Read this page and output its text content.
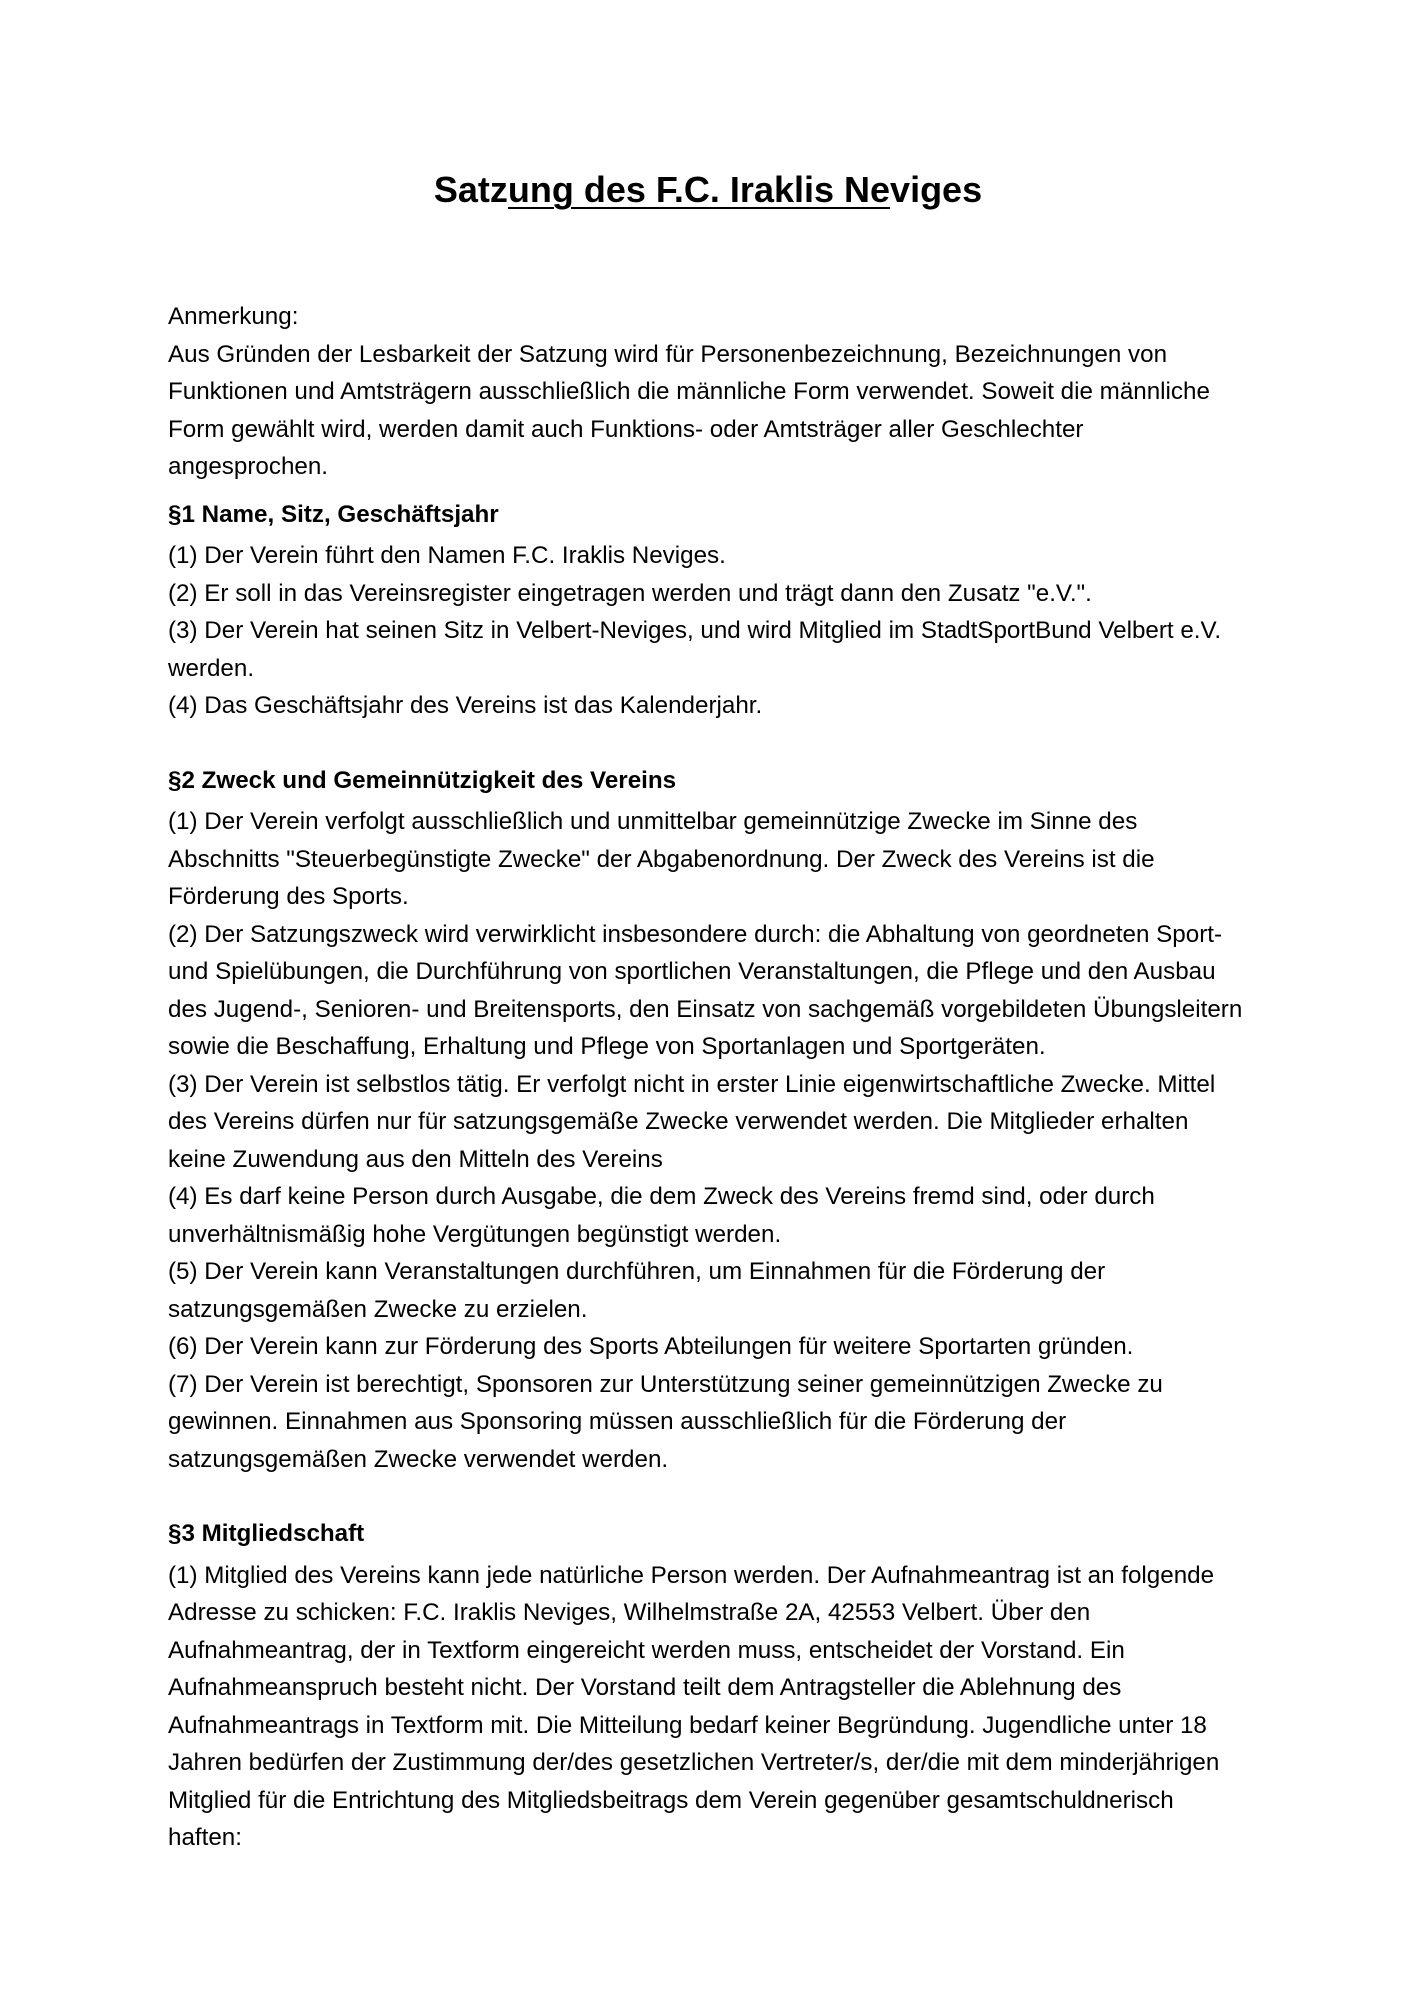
Satzung des F.C. Iraklis Neviges

Anmerkung:

Aus Gründen der Lesbarkeit der Satzung wird für Personenbezeichnung, Bezeichnungen von Funktionen und Amtsträgern ausschließlich die männliche Form verwendet. Soweit die männliche Form gewählt wird, werden damit auch Funktions- oder Amtsträger aller Geschlechter angesprochen.

§1 Name, Sitz, Geschäftsjahr

(1) Der Verein führt den Namen F.C. Iraklis Neviges.

(2) Er soll in das Vereinsregister eingetragen werden und trägt dann den Zusatz "e.V.".

(3) Der Verein hat seinen Sitz in Velbert-Neviges, und wird Mitglied im StadtSportBund Velbert e.V. werden.

(4) Das Geschäftsjahr des Vereins ist das Kalenderjahr.

§2 Zweck und Gemeinnützigkeit des Vereins

(1) Der Verein verfolgt ausschließlich und unmittelbar gemeinnützige Zwecke im Sinne des Abschnitts "Steuerbegünstigte Zwecke" der Abgabenordnung. Der Zweck des Vereins ist die Förderung des Sports.

(2) Der Satzungszweck wird verwirklicht insbesondere durch: die Abhaltung von geordneten Sport- und Spielübungen, die Durchführung von sportlichen Veranstaltungen, die Pflege und den Ausbau des Jugend-, Senioren- und Breitensports, den Einsatz von sachgemäß vorgebildeten Übungsleitern sowie die Beschaffung, Erhaltung und Pflege von Sportanlagen und Sportgeräten.

(3) Der Verein ist selbstlos tätig. Er verfolgt nicht in erster Linie eigenwirtschaftliche Zwecke. Mittel des Vereins dürfen nur für satzungsgemäße Zwecke verwendet werden. Die Mitglieder erhalten keine Zuwendung aus den Mitteln des Vereins

(4) Es darf keine Person durch Ausgabe, die dem Zweck des Vereins fremd sind, oder durch unverhältnismäßig hohe Vergütungen begünstigt werden.

(5) Der Verein kann Veranstaltungen durchführen, um Einnahmen für die Förderung der satzungsgemäßen Zwecke zu erzielen.

(6) Der Verein kann zur Förderung des Sports Abteilungen für weitere Sportarten gründen.

(7) Der Verein ist berechtigt, Sponsoren zur Unterstützung seiner gemeinnützigen Zwecke zu gewinnen. Einnahmen aus Sponsoring müssen ausschließlich für die Förderung der satzungsgemäßen Zwecke verwendet werden.

§3 Mitgliedschaft

(1) Mitglied des Vereins kann jede natürliche Person werden. Der Aufnahmeantrag ist an folgende Adresse zu schicken: F.C. Iraklis Neviges, Wilhelmstraße 2A, 42553 Velbert. Über den Aufnahmeantrag, der in Textform eingereicht werden muss, entscheidet der Vorstand. Ein Aufnahmeanspruch besteht nicht. Der Vorstand teilt dem Antragsteller die Ablehnung des Aufnahmeantrags in Textform mit. Die Mitteilung bedarf keiner Begründung. Jugendliche unter 18 Jahren bedürfen der Zustimmung der/des gesetzlichen Vertreter/s, der/die mit dem minderjährigen Mitglied für die Entrichtung des Mitgliedsbeitrags dem Verein gegenüber gesamtschuldnerisch haften:
